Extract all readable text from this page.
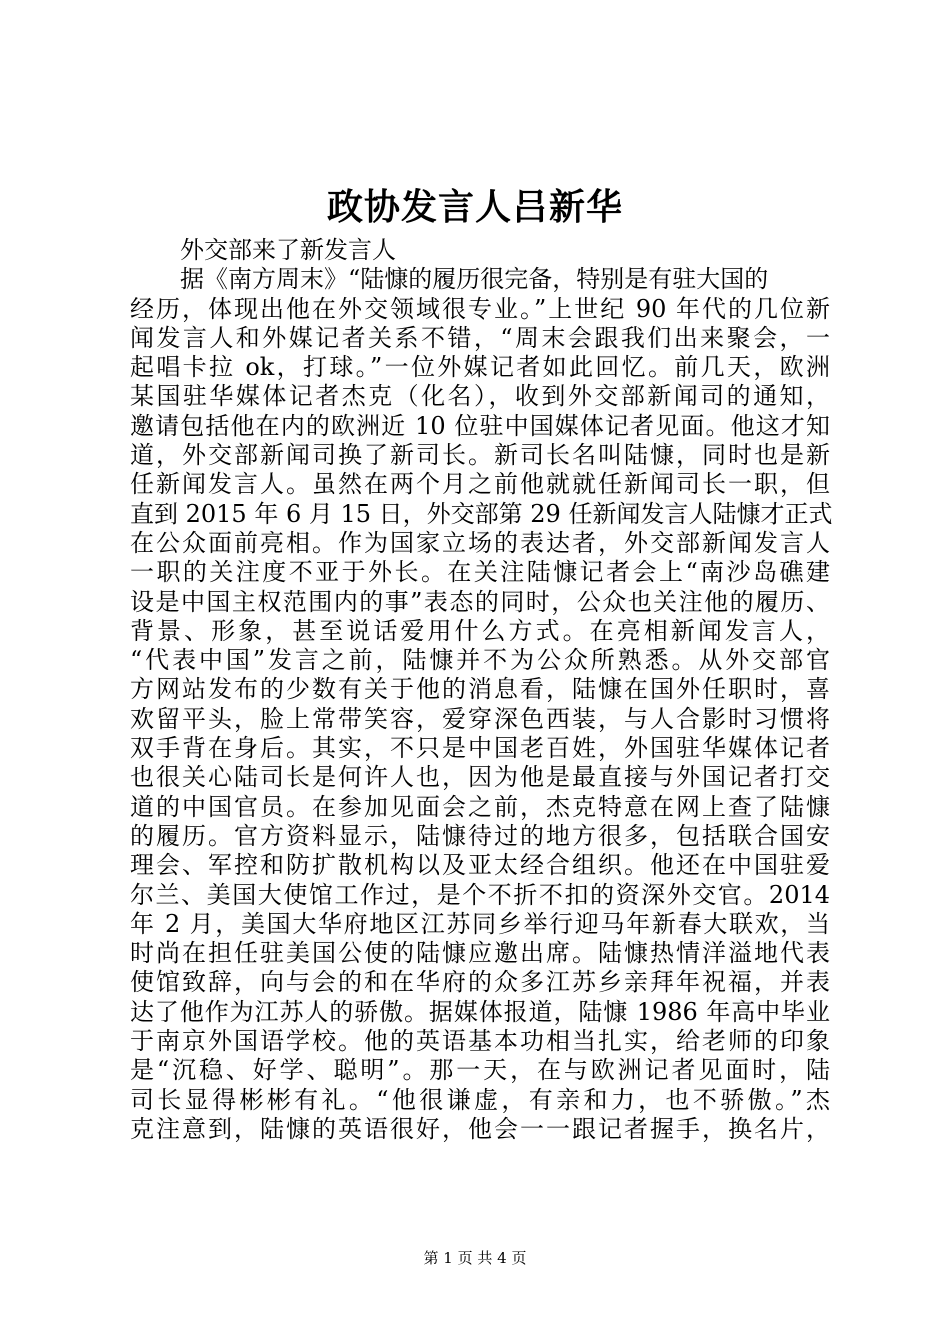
政协发言人吕新华
外交部来了新发言人
据《南方周末》“陆慷的履历很完备，特别是有驻大国的
经历，体现出他在外交领域很专业。”上世纪 90 年代的几位新
闻发言人和外媒记者关系不错，“周末会跟我们出来聚会，一
起唱卡拉 ok，打球。”一位外媒记者如此回忆。前几天，欧洲
某国驻华媒体记者杰克（化名），收到外交部新闻司的通知，
邀请包括他在内的欧洲近 10 位驻中国媒体记者见面。他这才知
道，外交部新闻司换了新司长。新司长名叫陆慷，同时也是新
任新闻发言人。虽然在两个月之前他就就任新闻司长一职，但
直到 2015 年 6 月 15 日，外交部第 29 任新闻发言人陆慷才正式
在公众面前亮相。作为国家立场的表达者，外交部新闻发言人
一职的关注度不亚于外长。在关注陆慷记者会上“南沙岛礁建
设是中国主权范围内的事”表态的同时，公众也关注他的履历、
背景、形象，甚至说话爱用什么方式。在亮相新闻发言人，
“代表中国”发言之前，陆慷并不为公众所熟悉。从外交部官
方网站发布的少数有关于他的消息看，陆慷在国外任职时，喜
欢留平头，脸上常带笑容，爱穿深色西装，与人合影时习惯将
双手背在身后。其实，不只是中国老百姓，外国驻华媒体记者
也很关心陆司长是何许人也，因为他是最直接与外国记者打交
道的中国官员。在参加见面会之前，杰克特意在网上查了陆慷
的履历。官方资料显示，陆慷待过的地方很多，包括联合国安
理会、军控和防扩散机构以及亚太经合组织。他还在中国驻爱
尔兰、美国大使馆工作过，是个不折不扣的资深外交官。2014
年 2 月，美国大华府地区江苏同乡举行迎马年新春大联欢，当
时尚在担任驻美国公使的陆慷应邀出席。陆慷热情洋溢地代表
使馆致辞，向与会的和在华府的众多江苏乡亲拜年祝福，并表
达了他作为江苏人的骄傲。据媒体报道，陆慷 1986 年高中毕业
于南京外国语学校。他的英语基本功相当扎实，给老师的印象
是“沉稳、好学、聪明”。那一天，在与欧洲记者见面时，陆
司长显得彬彬有礼。“他很谦虚，有亲和力，也不骄傲。”杰
克注意到，陆慷的英语很好，他会一一跟记者握手，换名片，
第 1 页 共 4 页
